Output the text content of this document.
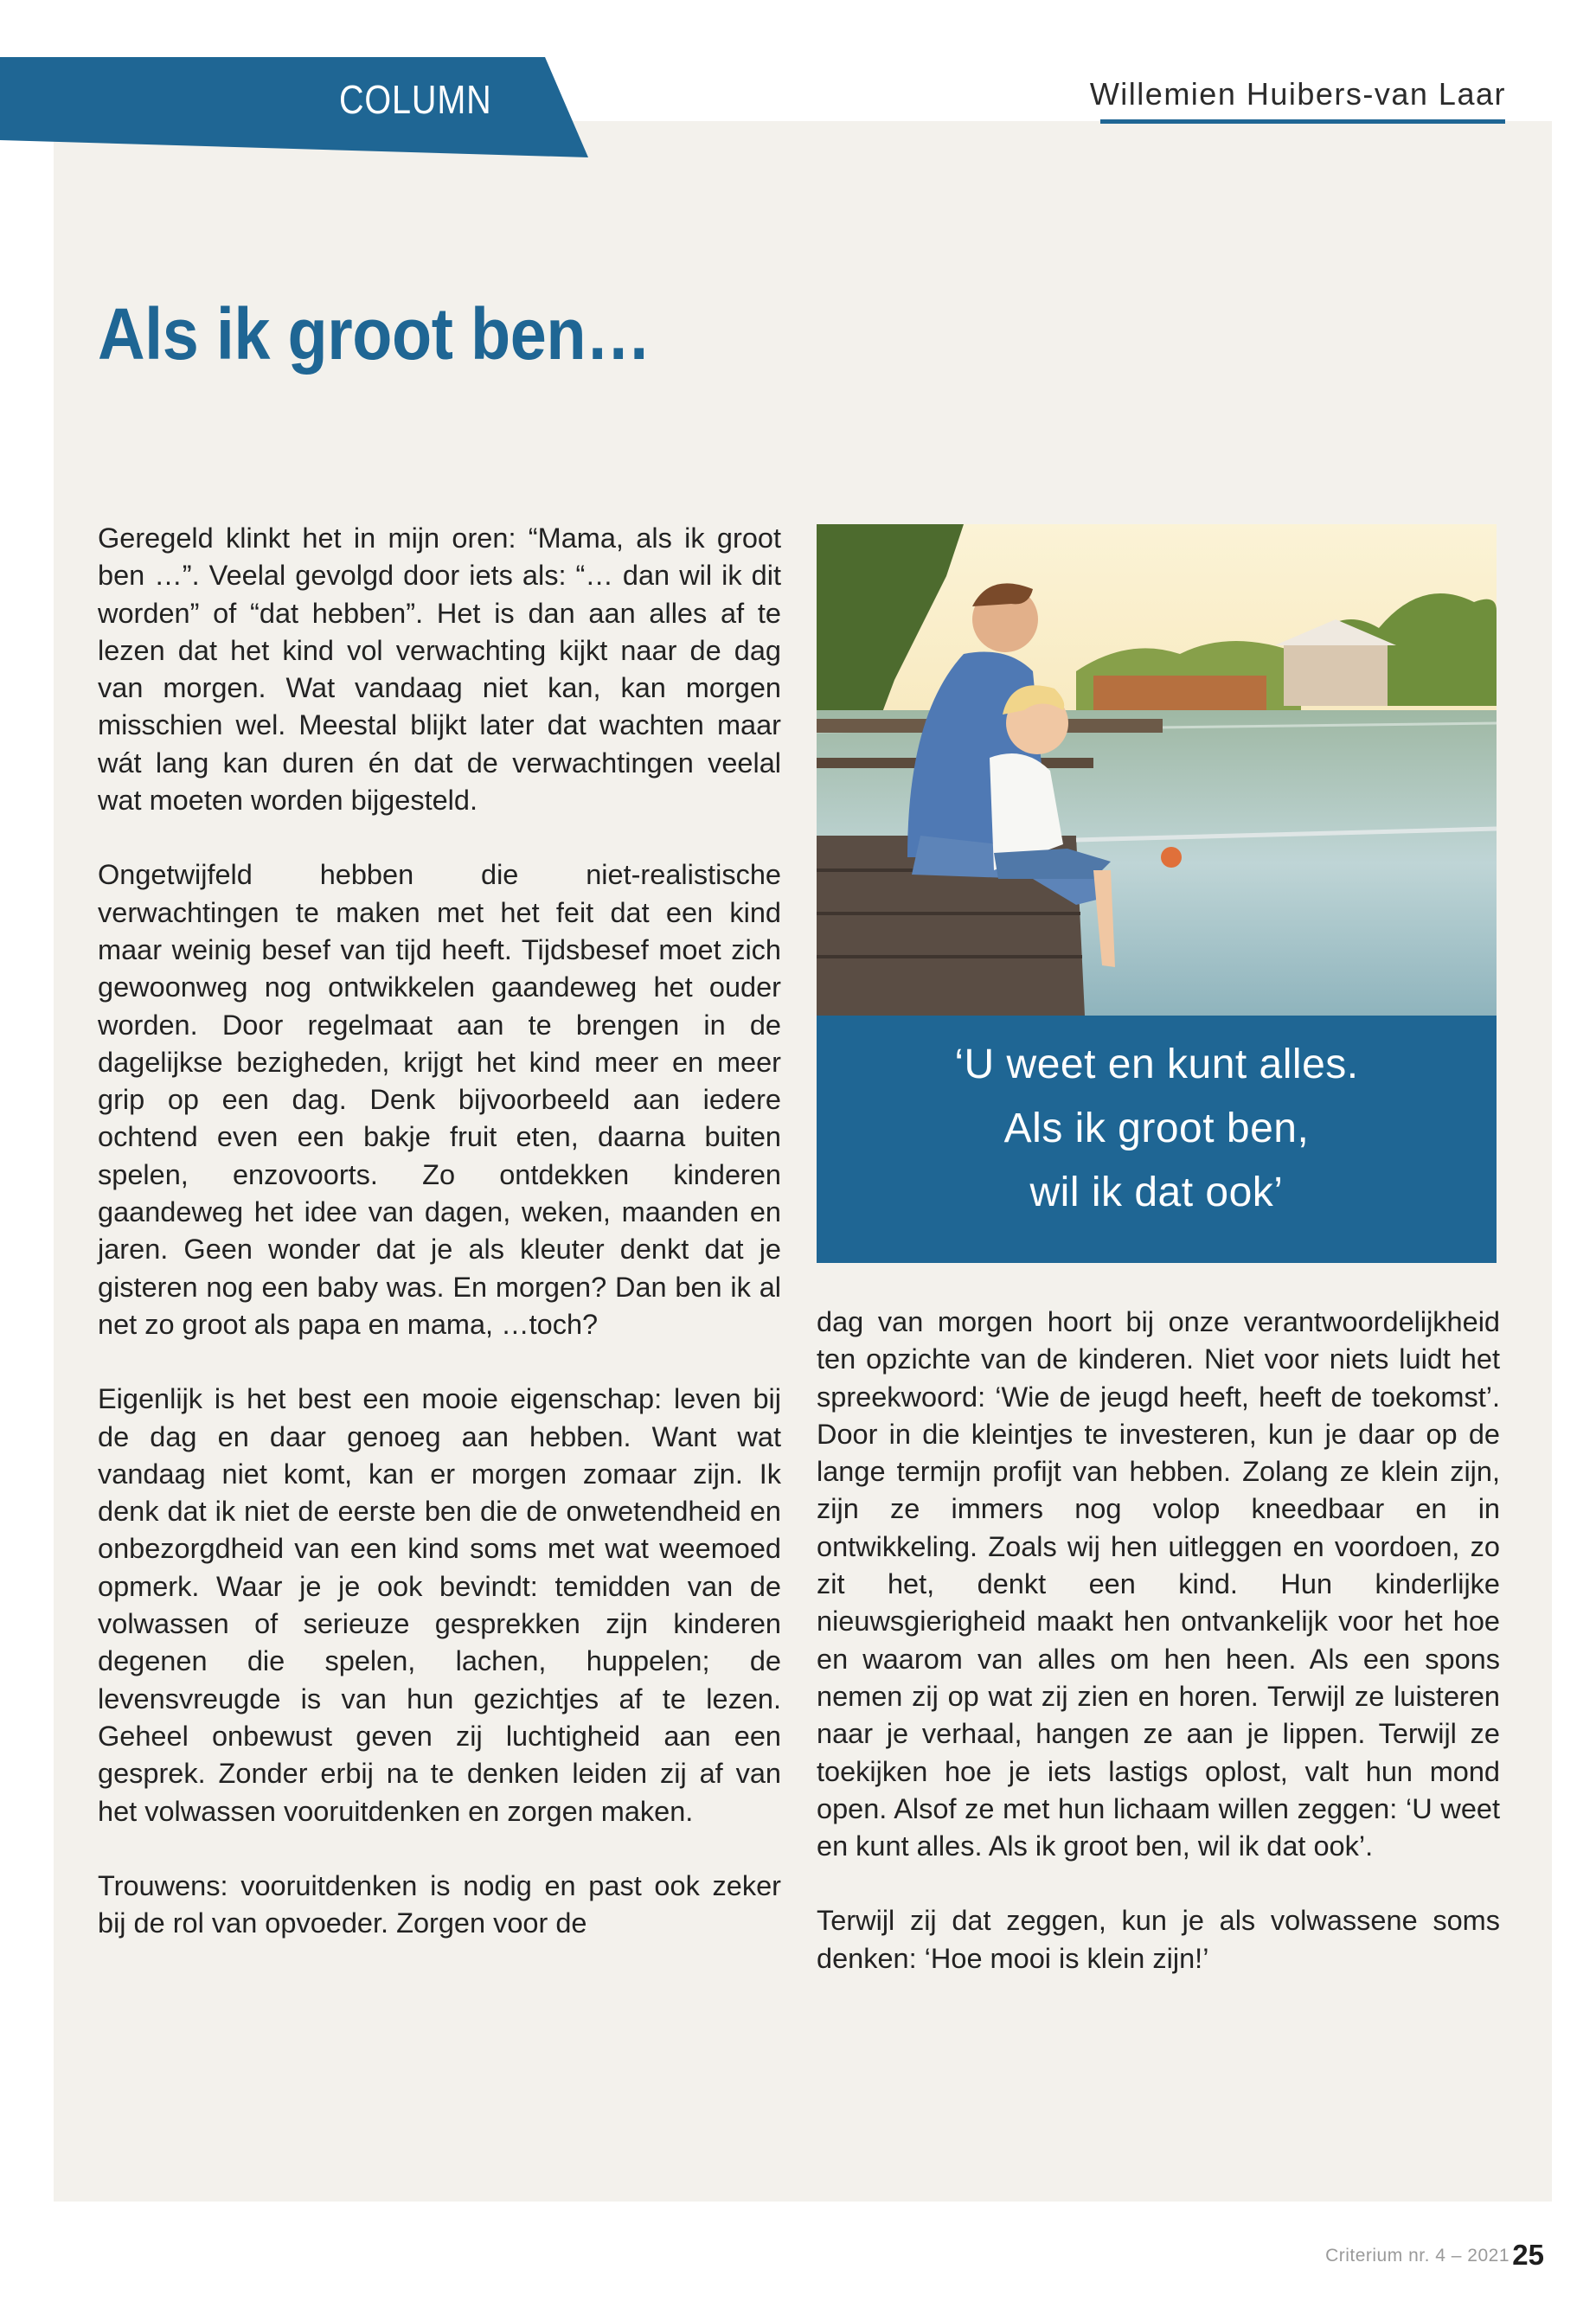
COLUMN	Willemien Huibers-van Laar
Als ik groot ben…

Geregeld klinkt het in mijn oren: “Mama, als ik groot ben …”. Veelal gevolgd door iets als: “… dan wil ik dit worden” of “dat hebben”. Het is dan aan alles af te lezen dat het kind vol verwachting kijkt naar de dag van morgen. Wat vandaag niet kan, kan morgen misschien wel. Meestal blijkt later dat wachten maar wát lang kan duren én dat de verwachtingen veelal wat moeten worden bijgesteld.

Ongetwijfeld hebben die niet-realistische verwachtingen te maken met het feit dat een kind maar weinig besef van tijd heeft. Tijdsbesef moet zich gewoonweg nog ontwikkelen gaandeweg het ouder worden. Door regelmaat aan te brengen in de dagelijkse bezigheden, krijgt het kind meer en meer grip op een dag. Denk bijvoorbeeld aan iedere ochtend even een bakje fruit eten, daarna buiten spelen, enzovoorts. Zo ontdekken kinderen gaandeweg het idee van dagen, weken, maanden en jaren. Geen wonder dat je als kleuter denkt dat je gisteren nog een baby was. En morgen? Dan ben ik al net zo groot als papa en mama, …toch?

Eigenlijk is het best een mooie eigenschap: leven bij de dag en daar genoeg aan hebben. Want wat vandaag niet komt, kan er morgen zomaar zijn. Ik denk dat ik niet de eerste ben die de onwetendheid en onbezorgdheid van een kind soms met wat weemoed opmerk. Waar je je ook bevindt: temidden van de volwassen of serieuze gesprekken zijn kinderen degenen die spelen, lachen, huppelen; de levensvreugde is van hun gezichtjes af te lezen. Geheel onbewust geven zij luchtigheid aan een gesprek. Zonder erbij na te denken leiden zij af van het volwassen vooruitdenken en zorgen maken.

Trouwens: vooruitdenken is nodig en past ook zeker bij de rol van opvoeder. Zorgen voor de

‘U weet en kunt alles.
Als ik groot ben,
wil ik dat ook’

dag van morgen hoort bij onze verantwoordelijkheid ten opzichte van de kinderen. Niet voor niets luidt het spreekwoord: ‘Wie de jeugd heeft, heeft de toekomst’. Door in die kleintjes te investeren, kun je daar op de lange termijn profijt van hebben. Zolang ze klein zijn, zijn ze immers nog volop kneedbaar en in ontwikkeling. Zoals wij hen uitleggen en voordoen, zo zit het, denkt een kind. Hun kinderlijke nieuwsgierigheid maakt hen ontvankelijk voor het hoe en waarom van alles om hen heen. Als een spons nemen zij op wat zij zien en horen. Terwijl ze luisteren naar je verhaal, hangen ze aan je lippen. Terwijl ze toekijken hoe je iets lastigs oplost, valt hun mond open. Alsof ze met hun lichaam willen zeggen: ‘U weet en kunt alles. Als ik groot ben, wil ik dat ook’.

Terwijl zij dat zeggen, kun je als volwassene soms denken: ‘Hoe mooi is klein zijn!’

Criterium nr. 4 – 2021 25
